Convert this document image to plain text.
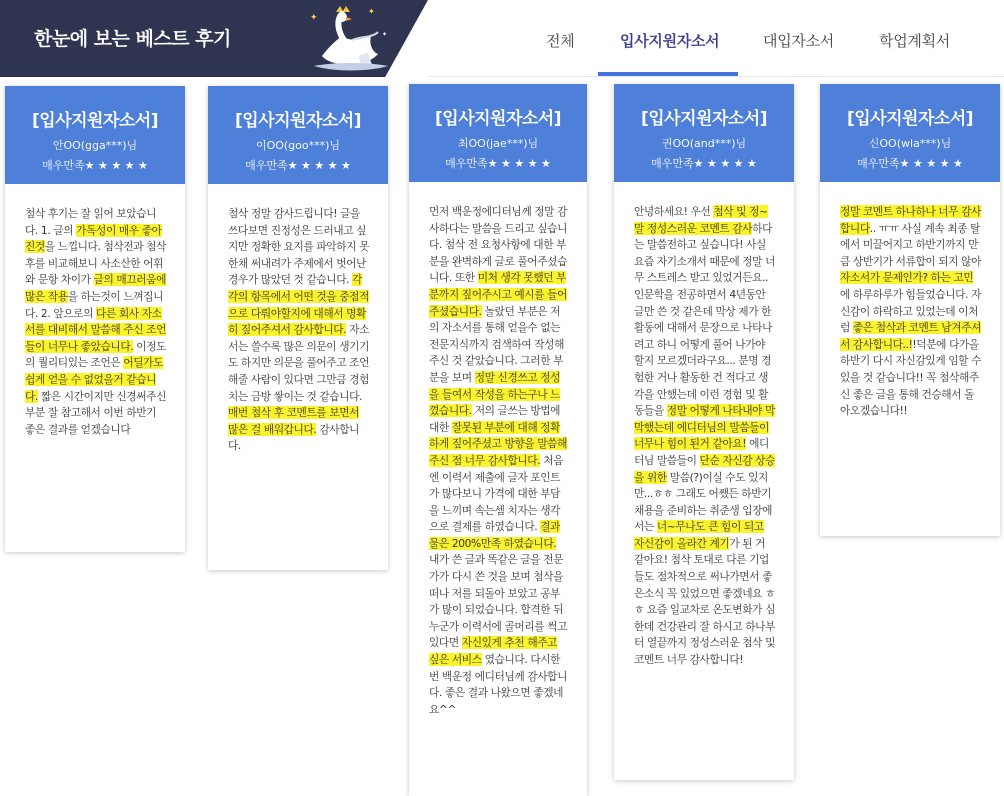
한눈에 보는 베스트 후기
✦
✦
✦	전체	입사지원자소서	대입자소서	학업계획서
[입사지원자소서]
안OO(gga***)님
매우만족★ ★ ★ ★ ★
첨삭 후기는 잘 읽어 보았습니다. 1. 글의 가독성이 매우 좋아진것을 느낍니다. 첨삭전과 첨삭 후를 비교해보니 사소산한 어휘와 문항 차이가 글의 매끄러움에 많은 작용을 하는것이 느껴집니다. 2. 앞으로의 다른 회사 자소서를 대비해서 말씀해 주신 조언들이 너무나 좋았습니다. 이정도의 퀄리티있는 조언은 어딜가도 쉽게 얻을 수 없었을거 같습니다. 짧은 시간이지만 신경써주신부분 잘 참고해서 이번 하반기 좋은 결과를 얻겠습니다
[입사지원자소서]
이OO(goo***)님
매우만족★ ★ ★ ★ ★
첨삭 정말 감사드립니다! 글을 쓰다보면 진정성은 드러내고 싶지만 정확한 요지를 파악하지 못한채 써내려가 주제에서 벗어난 경우가 많았던 것 같습니다. 각각의 항목에서 어떤 것을 중점적으로 다뤄야할지에 대해서 명확히 짚어주셔서 감사합니다. 자소서는 쓸수록 많은 의문이 생기기도 하지만 의문을 풀어주고 조언해줄 사람이 있다면 그만큼 경험치는 금방 쌓이는 것 같습니다. 매번 첨삭 후 코멘트를 보면서 많은 걸 배워갑니다. 감사합니다.
[입사지원자소서]
최OO(jae***)님
매우만족★ ★ ★ ★ ★
먼저 백운정에디터님께 정말 감사하다는 말씀을 드리고 싶습니다. 첨삭 전 요청사항에 대한 부분을 완벽하게 글로 풀어주셨습니다. 또한 미처 생각 못했던 부분까지 짚어주시고 예시를 들어주셨습니다. 놀랐던 부분은 저의 자소서를 통해 얻을수 없는 전문지식까지 검색하여 작성해주신 것 같았습니다. 그러한 부분을 보며 정말 신경쓰고 정성을 들여서 작성을 하는구나 느꼈습니다. 저의 글쓰는 방법에 대한 잘못된 부분에 대해 정확하게 짚어주셨고 방향을 말씀해 주신 점 너무 감사합니다. 처음엔 이력서 제출에 글자 포인트가 많다보니 가격에 대한 부담을 느끼며 속는셈 치자는 생각으로 결제를 하였습니다. 결과물은 200%만족 하였습니다. 내가 쓴 글과 똑같은 글을 전문가가 다시 쓴 것을 보며 첨삭을 떠나 저를 되돌아 보았고 공부가 많이 되었습니다. 합격한 뒤 누군가 이력서에 골머리를 썩고있다면 자신있게 추천 해주고 싶은 서비스 였습니다. 다시한번 백운정 에디터님께 감사합니다. 좋은 결과 나왔으면 좋겠네요^^
[입사지원자소서]
권OO(and***)님
매우만족★ ★ ★ ★ ★
안녕하세요! 우선 첨삭 및 정~말 정성스러운 코멘트 감사하다는 말씀전하고 싶습니다! 사실 요즘 자기소개서 때문에 정말 너무 스트레스 받고 있었거든요..인문학을 전공하면서 4년동안 글만 쓴 것 같은데 막상 제가 한 활동에 대해서 문장으로 나타나려고 하니 어떻게 풀어 나가야 할지 모르겠더라구요... 분명 경험한 거나 활동한 건 적다고 생각을 안했는데 이런 경험 및 활동들을 정말 어떻게 나타내야 막막했는데 에디터님의 말씀들이 너무나 힘이 된거 같아요! 에디터님 말씀들이 단순 자신감 상승을 위한 말씀(?)이실 수도 있지만...ㅎㅎ 그래도 어쨌든 하반기 채용을 준비하는 취준생 입장에서는 너~무나도 큰 힘이 되고 자신감이 올라간 계기가 된 거 같아요! 첨삭 토대로 다른 기업들도 점차적으로 써나가면서 좋은소식 꼭 있었으면 좋겠네요 ㅎㅎ 요즘 일교차로 온도변화가 심한데 건강관리 잘 하시고 하나부터 열끝까지 정성스러운 첨삭 및 코멘트 너무 감사합니다!
[입사지원자소서]
신OO(wla***)님
매우만족★ ★ ★ ★ ★
정말 코멘트 하나하나 너무 감사합니다.. ㅠㅠ 사실 계속 최종 탈에서 미끌어지고 하반기까지 만큼 상반기가 서류합이 되지 않아 자소서가 문제인가? 하는 고민에 하루하루가 힘들었습니다. 자신감이 하락하고 있었는데 이처럼 좋은 첨삭과 코멘트 남겨주셔서 감사합니다..!!덕분에 다가올 하반기 다시 자신감있게 임할 수 있을 것 같습니다!! 꼭 첨삭해주신 좋은 글을 통해 건승해서 돌아오겠습니다!!
